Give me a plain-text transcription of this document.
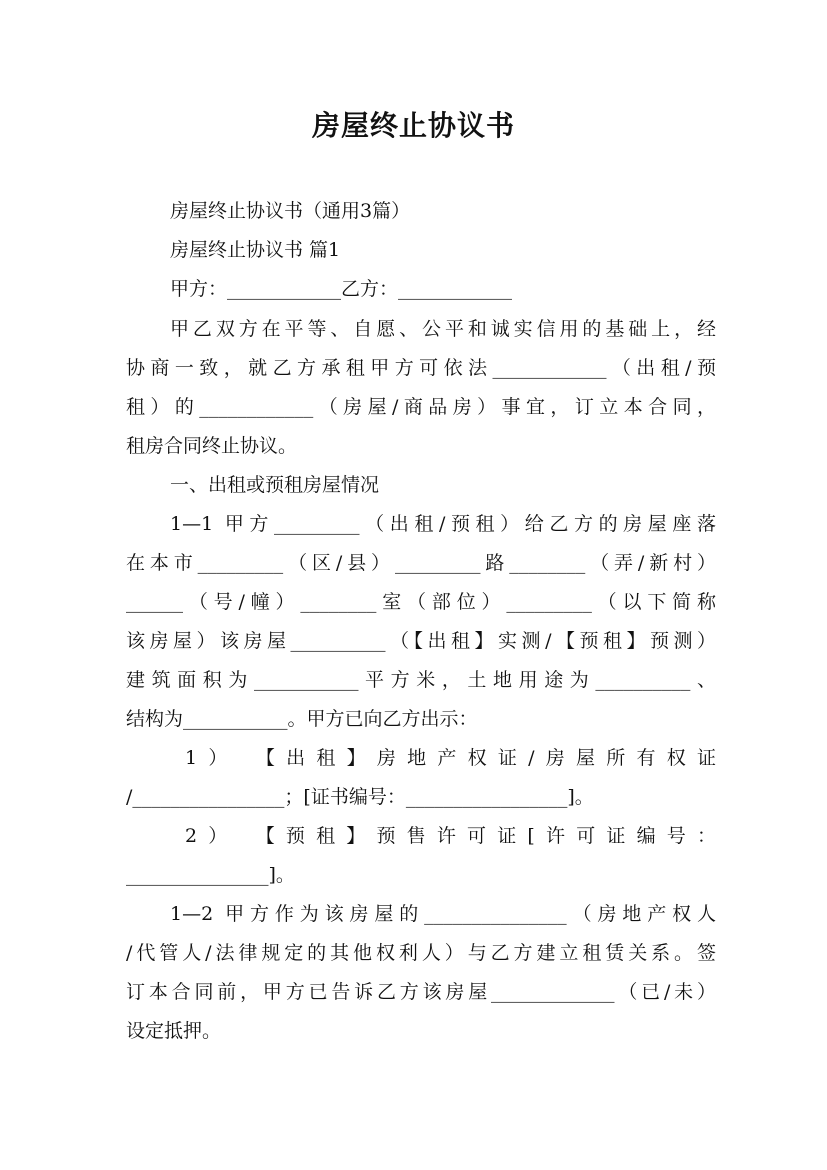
房屋终止协议书

房屋终止协议书（通用3篇）

房屋终止协议书 篇1

甲方：____________乙方：____________

甲乙双方在平等、自愿、公平和诚实信用的基础上，经

协商一致，就乙方承租甲方可依法____________（出租/预

租）的____________（房屋/商品房）事宜，订立本合同，

租房合同终止协议。

一、出租或预租房屋情况

1—1 甲方_________（出租/预租）给乙方的房屋座落

在本市_________（区/县）_________路________（弄/新村）

______（号/幢）________室（部位）_________（以下简称

该房屋）该房屋__________（【出租】实测/【预租】预测）

建筑面积为___________平方米，土地用途为__________、

结构为___________。甲方已向乙方出示：

1） 【出租】房地产权证/房屋所有权证

/________________；[证书编号：_________________]。

2） 【预租】预售许可证[许可证编号：

_______________]。

1—2 甲方作为该房屋的_______________（房地产权人

/代管人/法律规定的其他权利人）与乙方建立租赁关系。签

订本合同前，甲方已告诉乙方该房屋_____________（已/未）

设定抵押。
